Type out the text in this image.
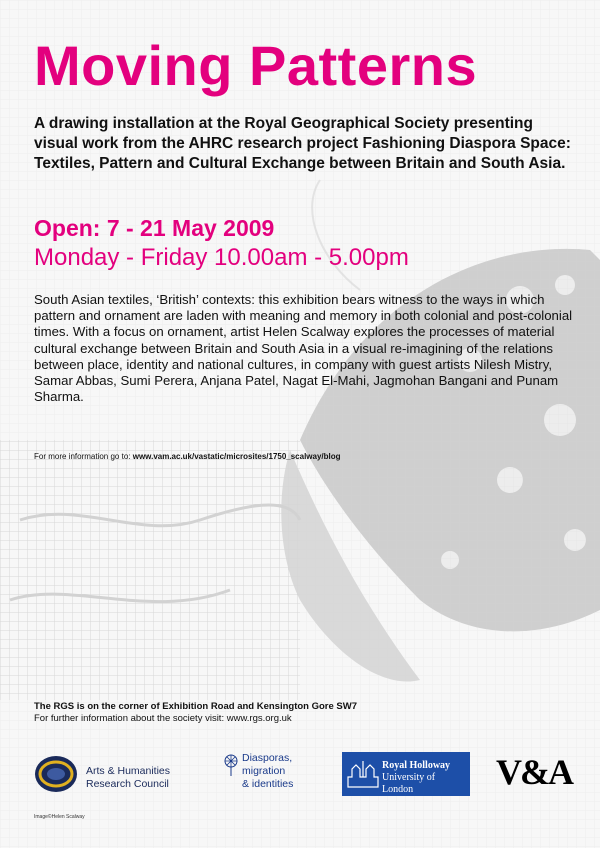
Moving Patterns

A drawing installation at the Royal Geographical Society presenting visual work from the AHRC research project Fashioning Diaspora Space: Textiles, Pattern and Cultural Exchange between Britain and South Asia.

Open: 7 - 21 May 2009

Monday - Friday 10.00am - 5.00pm

South Asian textiles, ‘British’ contexts: this exhibition bears witness to the ways in which pattern and ornament are laden with meaning and memory in both colonial and post-colonial times. With a focus on ornament, artist Helen Scalway explores the processes of material cultural exchange between Britain and South Asia in a visual re-imagining of the relations between place, identity and national cultures, in company with guest artists Nilesh Mistry, Samar Abbas, Sumi Perera, Anjana Patel, Nagat El-Mahi, Jagmohan Bangani and Punam Sharma.

For more information go to: www.vam.ac.uk/vastatic/microsites/1750_scalway/blog

The RGS is on the corner of Exhibition Road and Kensington Gore SW7

For further information about the society visit: www.rgs.org.uk

Arts & Humanities
Research Council
Diasporas,
migration
& identities
Royal Holloway
University of London	V&A

Image©Helen Scalway
